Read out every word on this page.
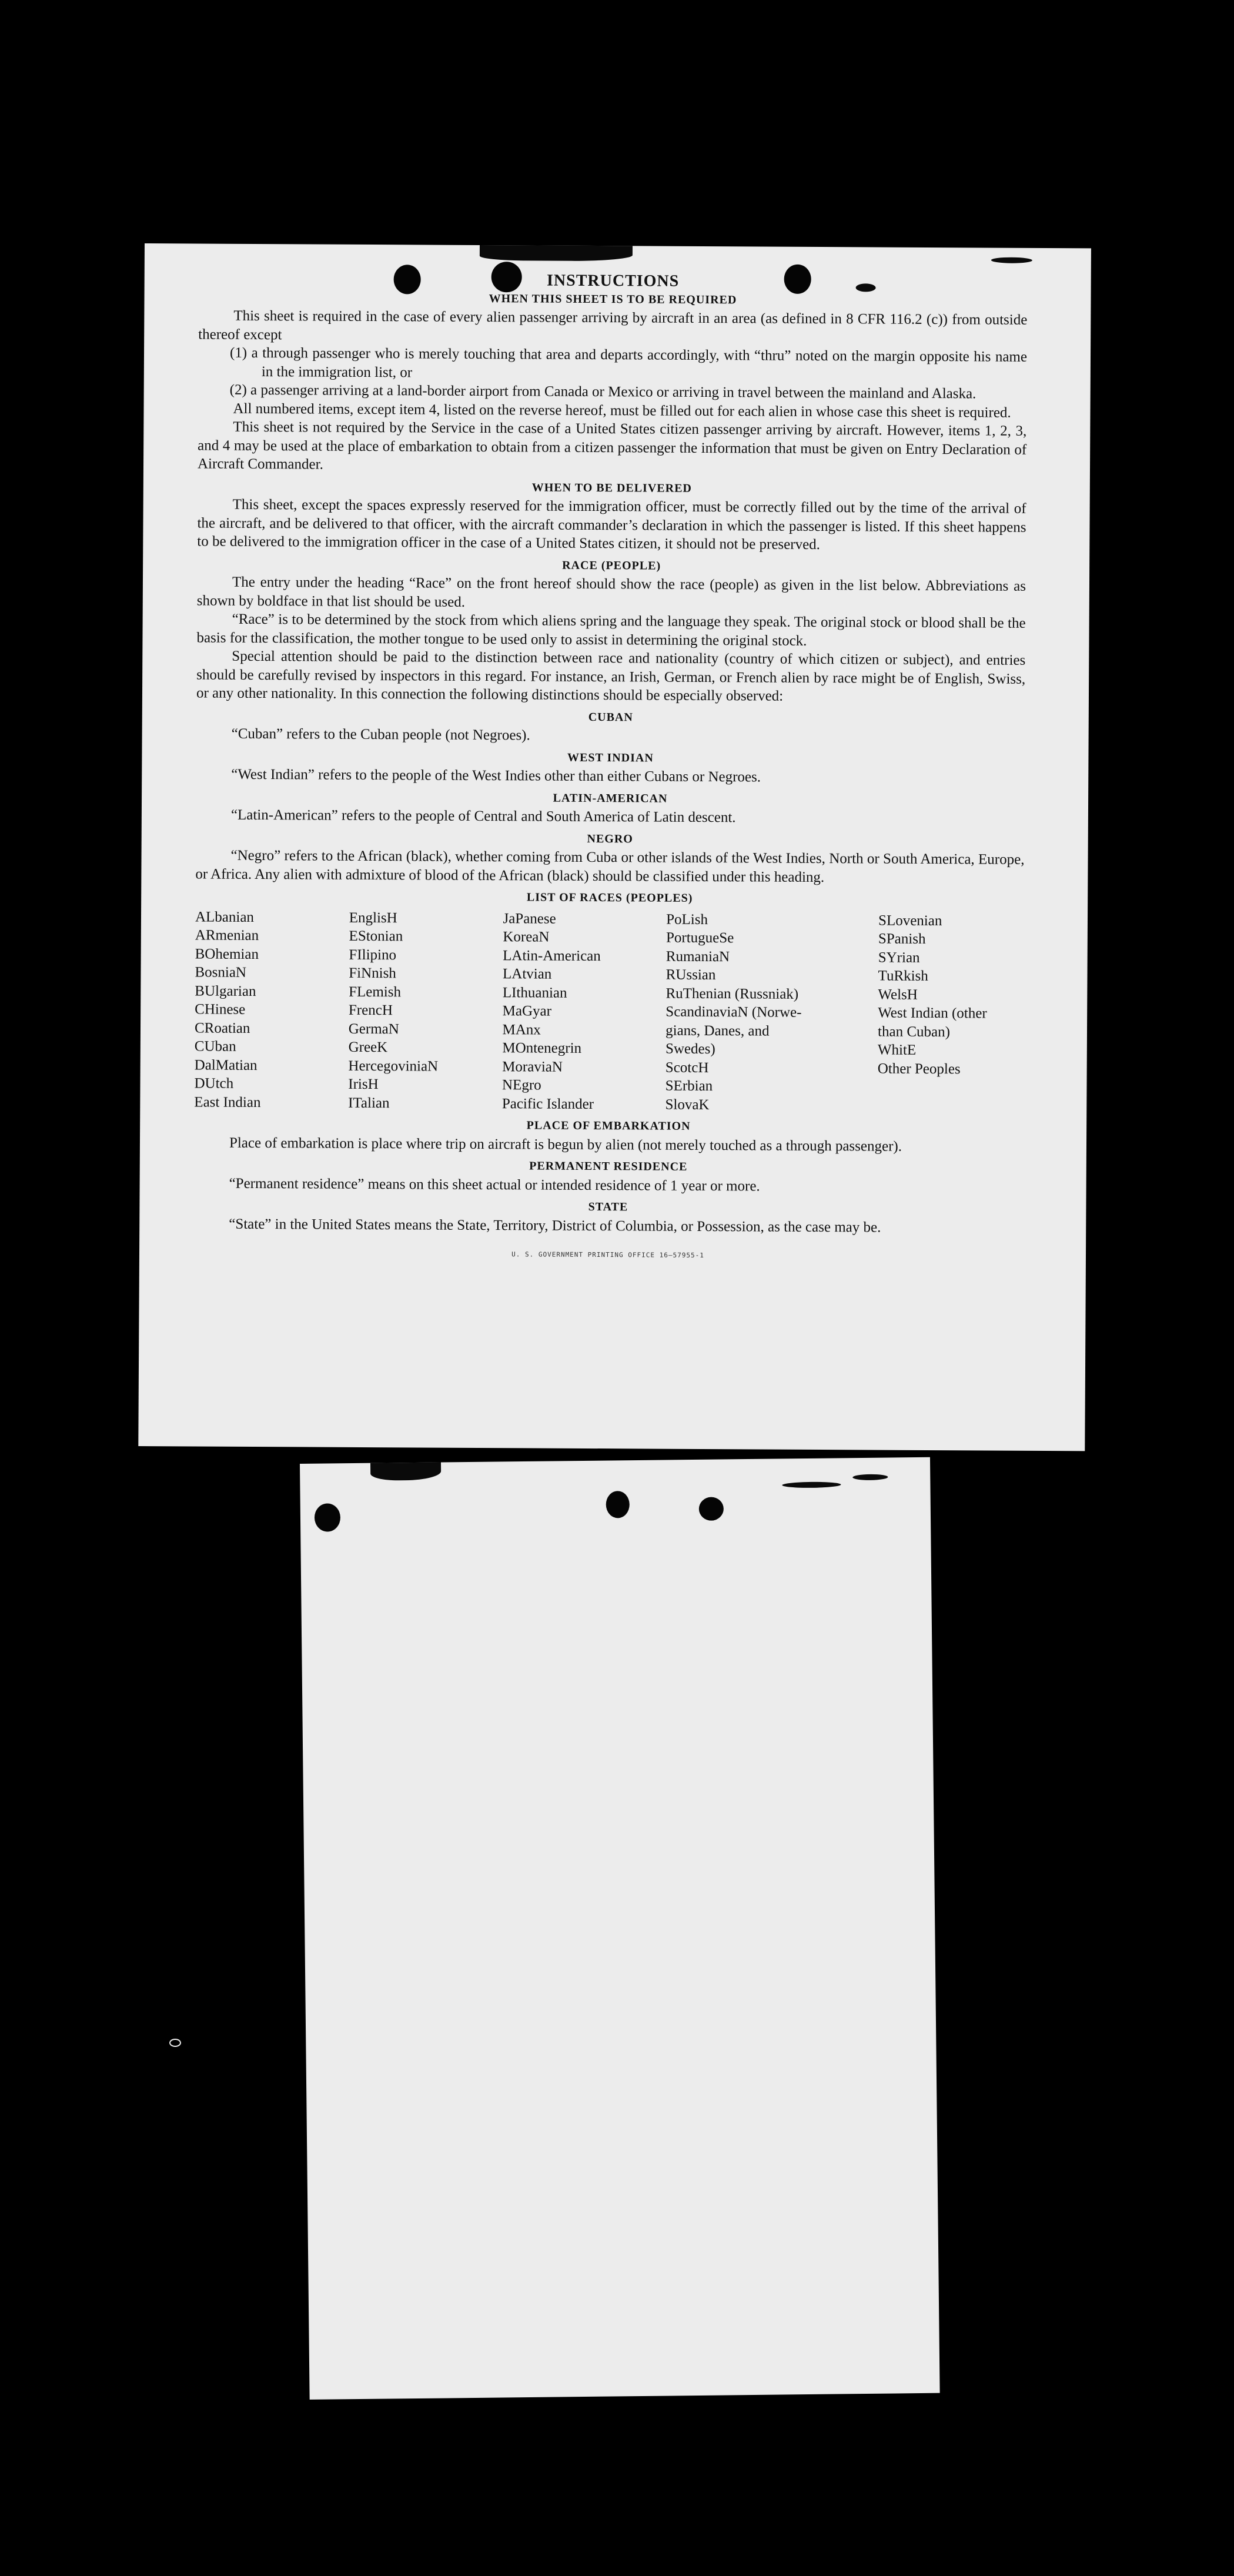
INSTRUCTIONS
WHEN THIS SHEET IS TO BE REQUIRED

This sheet is required in the case of every alien passenger arriving by aircraft in an area (as defined in 8 CFR 116.2 (c)) from outside thereof except

(1) a through passenger who is merely touching that area and departs accordingly, with “thru” noted on the margin opposite his name in the immigration list, or

(2) a passenger arriving at a land-border airport from Canada or Mexico or arriving in travel between the mainland and Alaska.

All numbered items, except item 4, listed on the reverse hereof, must be filled out for each alien in whose case this sheet is required.

This sheet is not required by the Service in the case of a United States citizen passenger arriving by aircraft. However, items 1, 2, 3, and 4 may be used at the place of embarkation to obtain from a citizen passenger the information that must be given on Entry Declaration of Aircraft Commander.

WHEN TO BE DELIVERED

This sheet, except the spaces expressly reserved for the immigration officer, must be correctly filled out by the time of the arrival of the aircraft, and be delivered to that officer, with the aircraft commander’s declaration in which the passenger is listed. If this sheet happens to be delivered to the immigration officer in the case of a United States citizen, it should not be preserved.

RACE (PEOPLE)

The entry under the heading “Race” on the front hereof should show the race (people) as given in the list below. Abbreviations as shown by boldface in that list should be used.

“Race” is to be determined by the stock from which aliens spring and the language they speak. The original stock or blood shall be the basis for the classification, the mother tongue to be used only to assist in determining the original stock.

Special attention should be paid to the distinction between race and nationality (country of which citizen or subject), and entries should be carefully revised by inspectors in this regard. For instance, an Irish, German, or French alien by race might be of English, Swiss, or any other nationality. In this connection the following distinctions should be especially observed:

CUBAN

“Cuban” refers to the Cuban people (not Negroes).

WEST INDIAN

“West Indian” refers to the people of the West Indies other than either Cubans or Negroes.

LATIN-AMERICAN

“Latin-American” refers to the people of Central and South America of Latin descent.

NEGRO

“Negro” refers to the African (black), whether coming from Cuba or other islands of the West Indies, North or South America, Europe, or Africa. Any alien with admixture of blood of the African (black) should be classified under this heading.

LIST OF RACES (PEOPLES)
ALbanian
ARmenian
BOhemian
BosniaN
BUlgarian
CHinese
CRoatian
CUban
DalMatian
DUtch
East Indian
EnglisH
EStonian
FIlipino
FiNnish
FLemish
FrencH
GermaN
GreeK
HercegoviniaN
IrisH
ITalian
JaPanese
KoreaN
LAtin-American
LAtvian
LIthuanian
MaGyar
MAnx
MOntenegrin
MoraviaN
NEgro
Pacific Islander
PoLish
PortugueSe
RumaniaN
RUssian
RuThenian (Russniak)
ScandinaviaN (Norwe-
gians, Danes, and
Swedes)
ScotcH
SErbian
SlovaK
SLovenian
SPanish
SYrian
TuRkish
WelsH
West Indian (other
than Cuban)
WhitE
Other Peoples
PLACE OF EMBARKATION

Place of embarkation is place where trip on aircraft is begun by alien (not merely touched as a through passenger).

PERMANENT RESIDENCE

“Permanent residence” means on this sheet actual or intended residence of 1 year or more.

STATE

“State” in the United States means the State, Territory, District of Columbia, or Possession, as the case may be.

U. S. GOVERNMENT PRINTING OFFICE 16—57955-1
